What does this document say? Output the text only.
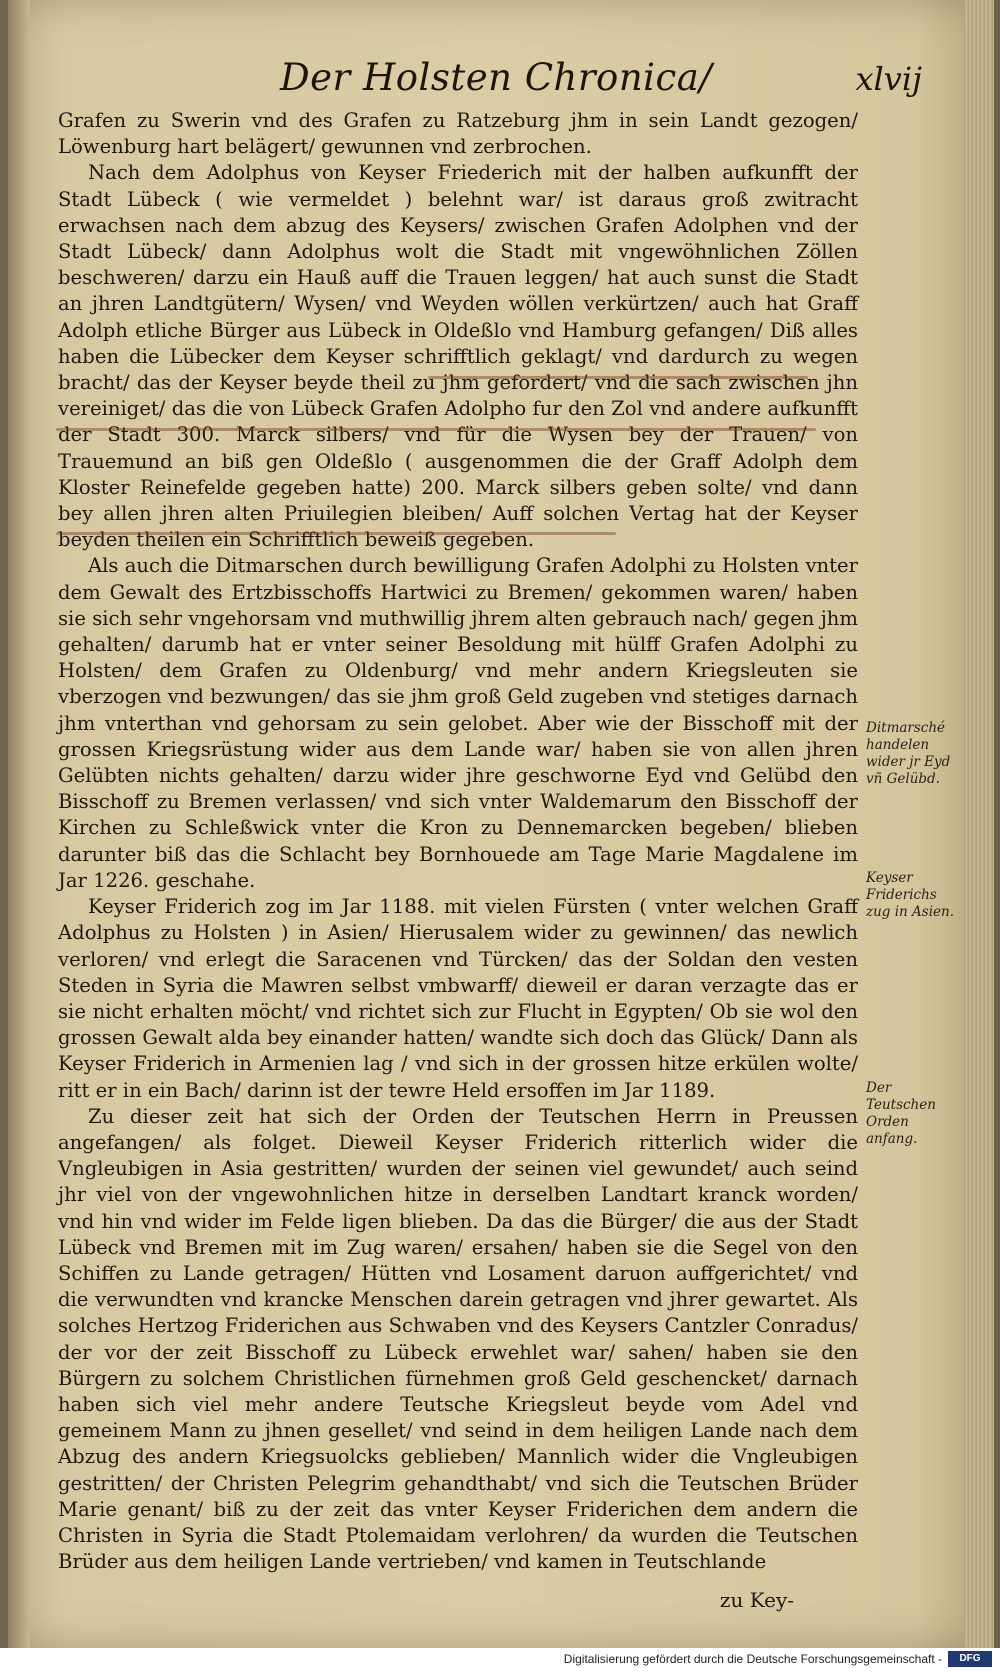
Der Holsten Chronica/	xlvij

Grafen zu Swerin vnd des Grafen zu Ratzeburg jhm in sein Landt gezogen/ Löwenburg hart belägert/ gewunnen vnd zerbrochen.

Nach dem Adolphus von Keyser Friederich mit der halben aufkunfft der Stadt Lübeck ( wie vermeldet ) belehnt war/ ist daraus groß zwitracht erwachsen nach dem abzug des Keysers/ zwischen Grafen Adolphen vnd der Stadt Lübeck/ dann Adolphus wolt die Stadt mit vngewöhnlichen Zöllen beschweren/ darzu ein Hauß auff die Trauen leggen/ hat auch sunst die Stadt an jhren Landtgütern/ Wysen/ vnd Weyden wöllen verkürtzen/ auch hat Graff Adolph etliche Bürger aus Lübeck in Oldeßlo vnd Hamburg gefangen/ Diß alles haben die Lübecker dem Keyser schrifftlich geklagt/ vnd dardurch zu wegen bracht/ das der Keyser beyde theil zu jhm gefordert/ vnd die sach zwischen jhn vereiniget/ das die von Lübeck Grafen Adolpho fur den Zol vnd andere aufkunfft der Stadt 300. Marck silbers/ vnd für die Wysen bey der Trauen/ von Trauemund an biß gen Oldeßlo ( ausgenommen die der Graff Adolph dem Kloster Reinefelde gegeben hatte) 200. Marck silbers geben solte/ vnd dann bey allen jhren alten Priuilegien bleiben/ Auff solchen Vertag hat der Keyser beyden theilen ein Schrifftlich beweiß gegeben.

Als auch die Ditmarschen durch bewilligung Grafen Adolphi zu Holsten vnter dem Gewalt des Ertzbisschoffs Hartwici zu Bremen/ gekommen waren/ haben sie sich sehr vngehorsam vnd muthwillig jhrem alten gebrauch nach/ gegen jhm gehalten/ darumb hat er vnter seiner Besoldung mit hülff Grafen Adolphi zu Holsten/ dem Grafen zu Oldenburg/ vnd mehr andern Kriegsleuten sie vberzogen vnd bezwungen/ das sie jhm groß Geld zugeben vnd stetiges darnach jhm vnterthan vnd gehorsam zu sein gelobet. Aber wie der Bisschoff mit der grossen Kriegsrüstung wider aus dem Lande war/ haben sie von allen jhren Gelübten nichts gehalten/ darzu wider jhre geschworne Eyd vnd Gelübd den Bisschoff zu Bremen verlassen/ vnd sich vnter Waldemarum den Bisschoff der Kirchen zu Schleßwick vnter die Kron zu Dennemarcken begeben/ blieben darunter biß das die Schlacht bey Bornhouede am Tage Marie Magdalene im Jar 1226. geschahe.

Keyser Friderich zog im Jar 1188. mit vielen Fürsten ( vnter welchen Graff Adolphus zu Holsten ) in Asien/ Hierusalem wider zu gewinnen/ das newlich verloren/ vnd erlegt die Saracenen vnd Türcken/ das der Soldan den vesten Steden in Syria die Mawren selbst vmbwarff/ dieweil er daran verzagte das er sie nicht erhalten möcht/ vnd richtet sich zur Flucht in Egypten/ Ob sie wol den grossen Gewalt alda bey einander hatten/ wandte sich doch das Glück/ Dann als Keyser Friderich in Armenien lag / vnd sich in der grossen hitze erkülen wolte/ ritt er in ein Bach/ darinn ist der tewre Held ersoffen im Jar 1189.

Zu dieser zeit hat sich der Orden der Teutschen Herrn in Preussen angefangen/ als folget. Dieweil Keyser Friderich ritterlich wider die Vngleubigen in Asia gestritten/ wurden der seinen viel gewundet/ auch seind jhr viel von der vngewohnlichen hitze in derselben Landtart kranck worden/ vnd hin vnd wider im Felde ligen blieben. Da das die Bürger/ die aus der Stadt Lübeck vnd Bremen mit im Zug waren/ ersahen/ haben sie die Segel von den Schiffen zu Lande getragen/ Hütten vnd Losament daruon auffgerichtet/ vnd die verwundten vnd krancke Menschen darein getragen vnd jhrer gewartet. Als solches Hertzog Friderichen aus Schwaben vnd des Keysers Cantzler Conradus/ der vor der zeit Bisschoff zu Lübeck erwehlet war/ sahen/ haben sie den Bürgern zu solchem Christlichen fürnehmen groß Geld geschencket/ darnach haben sich viel mehr andere Teutsche Kriegsleut beyde vom Adel vnd gemeinem Mann zu jhnen gesellet/ vnd seind in dem heiligen Lande nach dem Abzug des andern Kriegsuolcks geblieben/ Mannlich wider die Vngleubigen gestritten/ der Christen Pelegrim gehandthabt/ vnd sich die Teutschen Brüder Marie genant/ biß zu der zeit das vnter Keyser Friderichen dem andern die Christen in Syria die Stadt Ptolemaidam verlohren/ da wurden die Teutschen Brüder aus dem heiligen Lande vertrieben/ vnd kamen in Teutschlande

Ditmarsché handelen wider jr Eyd vñ Gelübd.
Keyser Friderichs zug in Asien.
Der Teutschen Orden anfang.
zu Key-
Digitalisierung gefördert durch die Deutsche Forschungsgemeinschaft -	DFG
